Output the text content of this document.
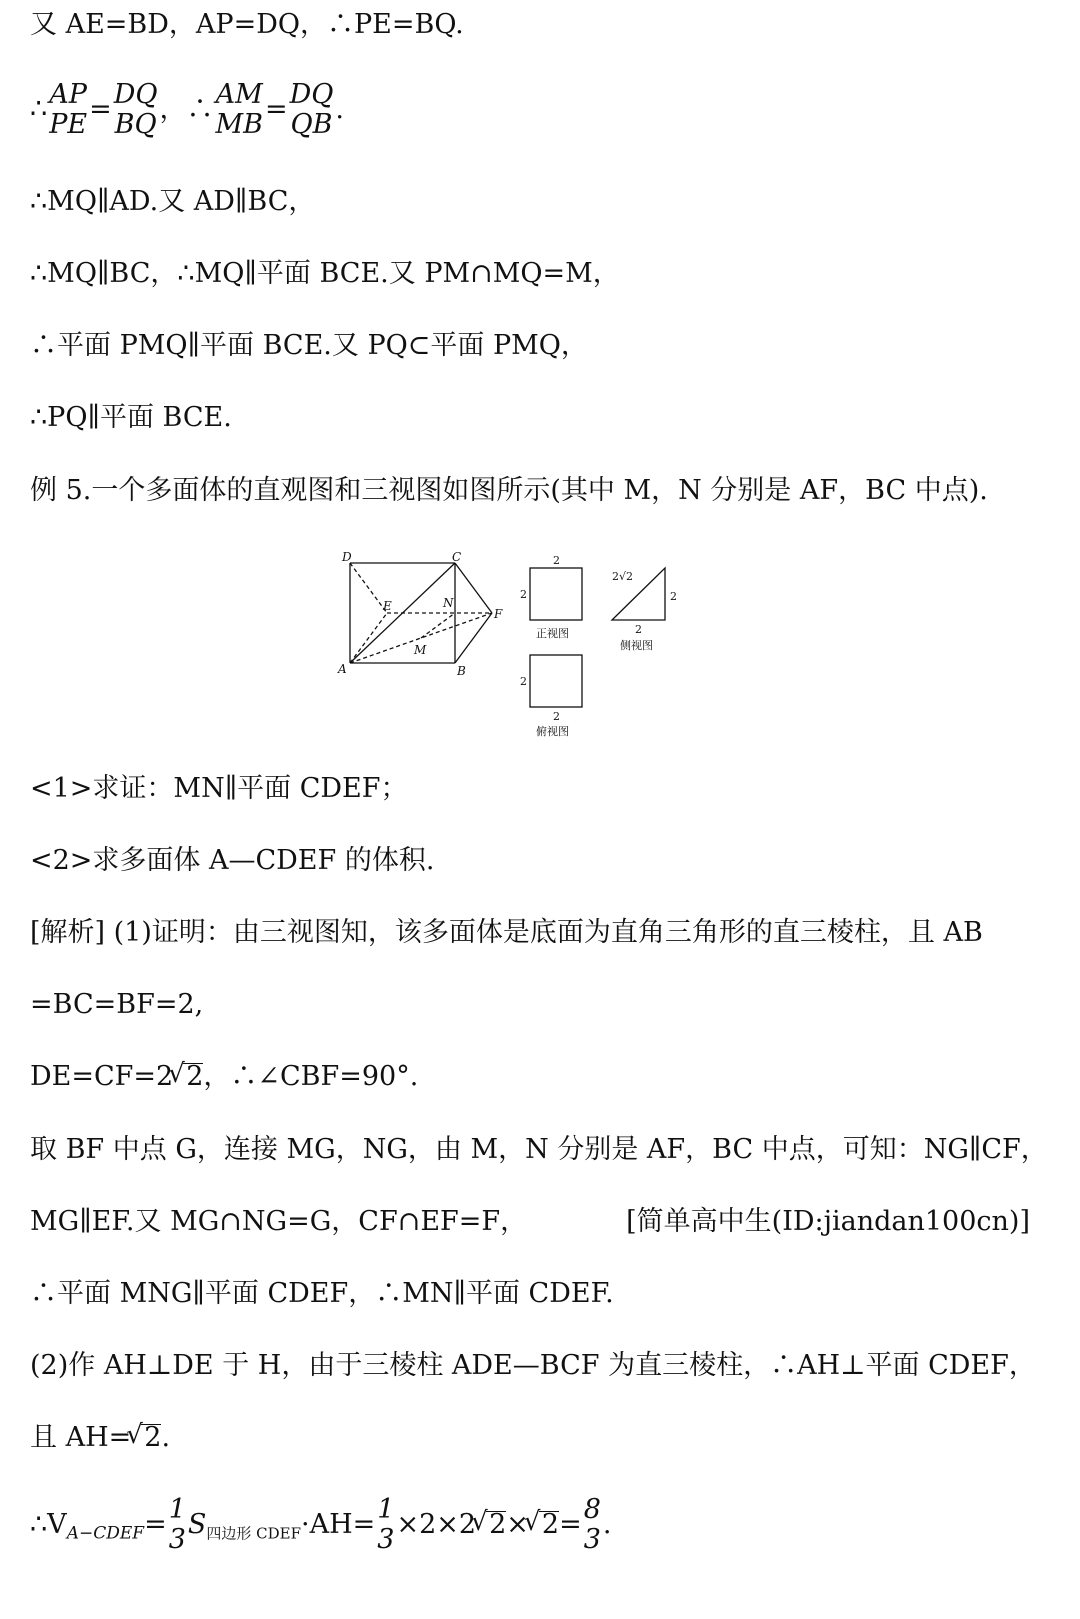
又 AE=BD，AP=DQ，∴PE=BQ.
∴ AP
PE = DQ
BQ ，∴ AM
MB = DQ
QB .
∴MQ∥AD.又 AD∥BC，
∴MQ∥BC，∴MQ∥平面 BCE.又 PM∩MQ=M，
∴平面 PMQ∥平面 BCE.又 PQ⊂平面 PMQ，
∴PQ∥平面 BCE.
例 5.一个多面体的直观图和三视图如图所示(其中 M，N 分别是 AF，BC 中点).
D	C
E	N
F
A	B
M
2
2
正视图
2√2
2
2
侧视图
2
2
俯视图
<1>求证：MN∥平面 CDEF；
<2>求多面体 A—CDEF 的体积.
[解析] (1)证明：由三视图知，该多面体是底面为直角三角形的直三棱柱，且 AB
=BC=BF=2,
DE=CF=2 √ 2，∴∠CBF=90°.
取 BF 中点 G，连接 MG，NG，由 M，N 分别是 AF，BC 中点，可知：NG∥CF，
MG∥EF.又 MG∩NG=G，CF∩EF=F，	[简单高中生(ID:jiandan100cn)]
∴平面 MNG∥平面 CDEF，∴MN∥平面 CDEF.
(2)作 AH⊥DE 于 H，由于三棱柱 ADE—BCF 为直三棱柱，∴AH⊥平面 CDEF，
且 AH= √ 2.
$\therefore V_{A-CDEF}= 1$
3 $S_{四边形 CDEF}\cdot AH= 1$
3 ×2×2 √ 2× √ 2= 8
3 .
